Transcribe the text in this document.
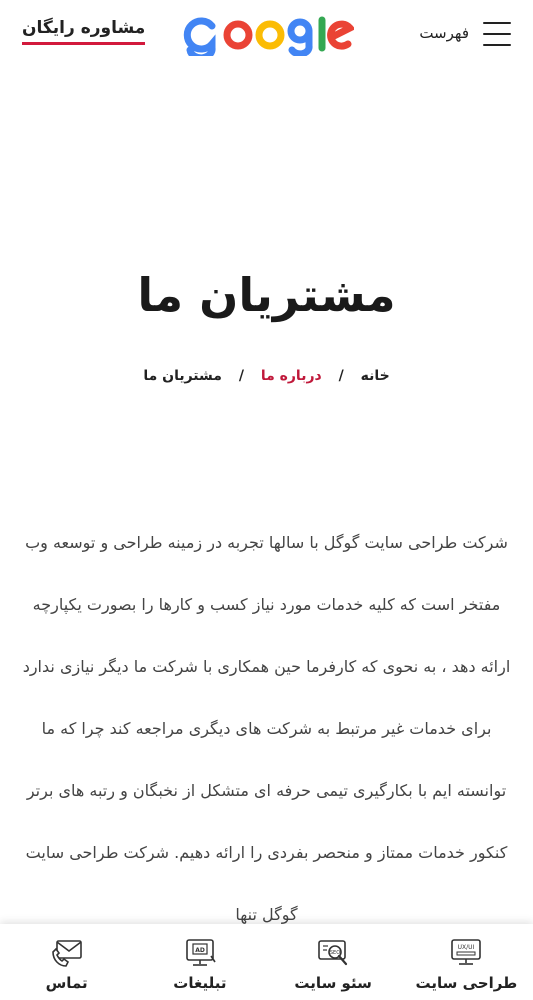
فهرست
مشاوره رایگان
مشتریان ما
خانه / درباره ما / مشتریان ما
شرکت طراحی سایت گوگل با سالها تجربه در زمینه طراحی و توسعه وب مفتخر است که کلیه خدمات مورد نیاز کسب و کارها را بصورت یکپارچه ارائه دهد ، به نحوی که کارفرما حین همکاری با شرکت ما دیگر نیازی ندارد برای خدمات غیر مرتبط به شرکت های دیگری مراجعه کند چرا که ما توانسته ایم با بکارگیری تیمی حرفه ای متشکل از نخبگان و رتبه های برتر کنکور خدمات ممتاز و منحصر بفردی را ارائه دهیم. شرکت طراحی سایت گوگل تنها
UX/UI
طراحی سایت
SEO
سئو سایت
AD
تبلیغات
تماس
